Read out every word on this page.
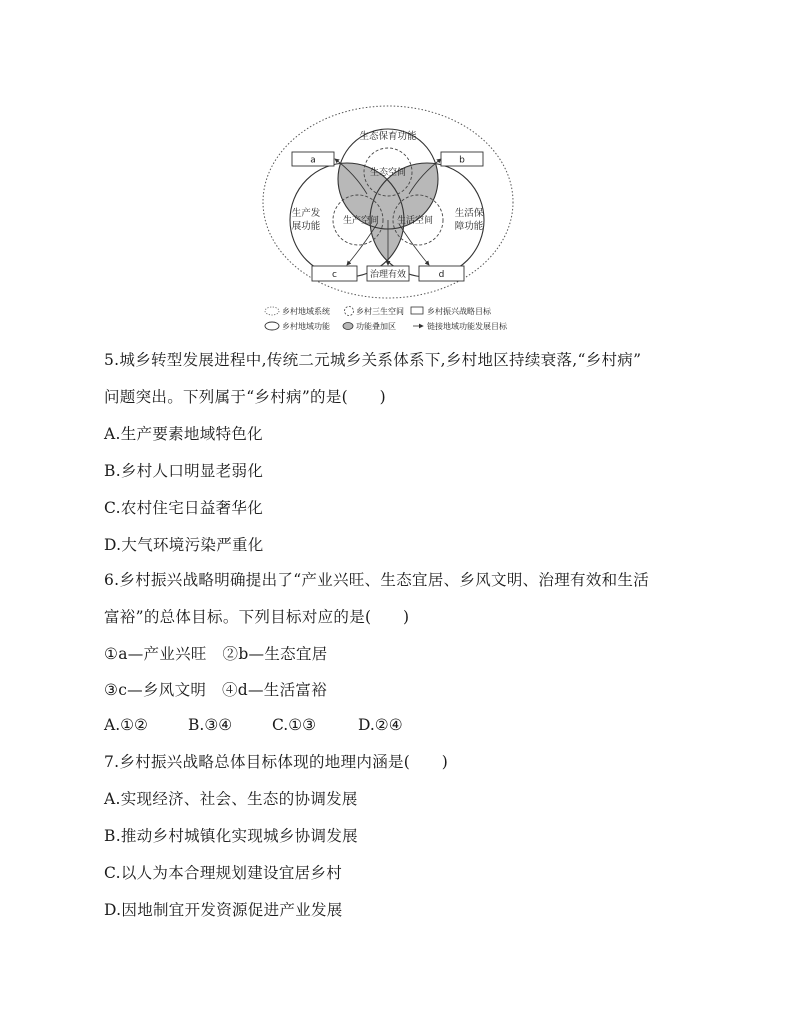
生态保育功能
生态空间
生产空间 生活空间
生产发
展功能
生活保
障功能
a	b
c	治理有效	d
乡村地域系统	乡村三生空间	乡村振兴战略目标
乡村地域功能	功能叠加区	链接地域功能发展目标
5.城乡转型发展进程中,传统二元城乡关系体系下,乡村地区持续衰落,“乡村病”
问题突出。下列属于“乡村病”的是(　　)
A.生产要素地域特色化
B.乡村人口明显老弱化
C.农村住宅日益奢华化
D.大气环境污染严重化
6.乡村振兴战略明确提出了“产业兴旺、生态宜居、乡风文明、治理有效和生活
富裕”的总体目标。下列目标对应的是(　　)
①a—产业兴旺　②b—生态宜居
③c—乡风文明　④d—生活富裕
A.①②	B.③④	C.①③	D.②④
7.乡村振兴战略总体目标体现的地理内涵是(　　)
A.实现经济、社会、生态的协调发展
B.推动乡村城镇化实现城乡协调发展
C.以人为本合理规划建设宜居乡村
D.因地制宜开发资源促进产业发展
